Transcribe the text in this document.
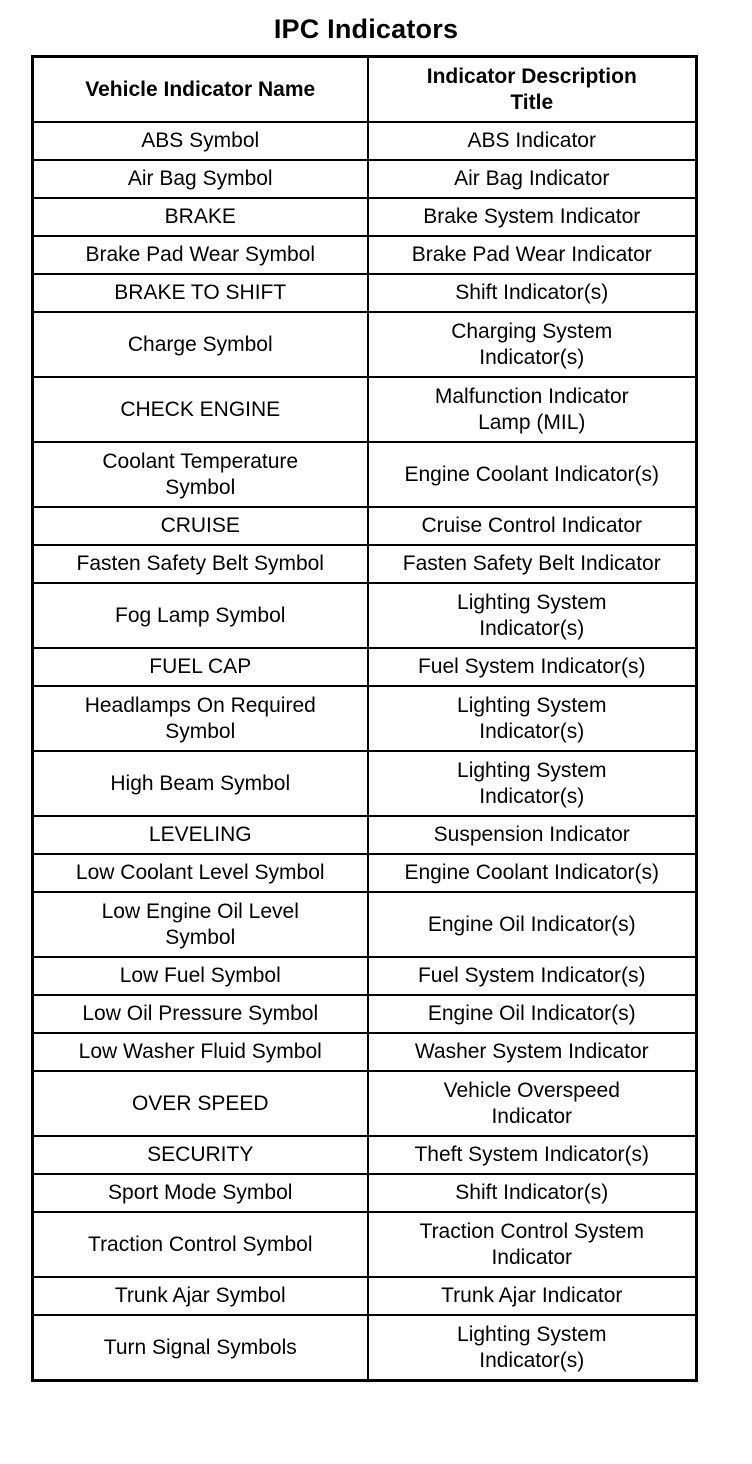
IPC Indicators
Vehicle Indicator Name	Indicator Description
Title
ABS Symbol	ABS Indicator
Air Bag Symbol	Air Bag Indicator
BRAKE	Brake System Indicator
Brake Pad Wear Symbol	Brake Pad Wear Indicator
BRAKE TO SHIFT	Shift Indicator(s)
Charge Symbol	Charging System
Indicator(s)
CHECK ENGINE	Malfunction Indicator
Lamp (MIL)
Coolant Temperature
Symbol	Engine Coolant Indicator(s)
CRUISE	Cruise Control Indicator
Fasten Safety Belt Symbol	Fasten Safety Belt Indicator
Fog Lamp Symbol	Lighting System
Indicator(s)
FUEL CAP	Fuel System Indicator(s)
Headlamps On Required
Symbol	Lighting System
Indicator(s)
High Beam Symbol	Lighting System
Indicator(s)
LEVELING	Suspension Indicator
Low Coolant Level Symbol	Engine Coolant Indicator(s)
Low Engine Oil Level
Symbol	Engine Oil Indicator(s)
Low Fuel Symbol	Fuel System Indicator(s)
Low Oil Pressure Symbol	Engine Oil Indicator(s)
Low Washer Fluid Symbol	Washer System Indicator
OVER SPEED	Vehicle Overspeed
Indicator
SECURITY	Theft System Indicator(s)
Sport Mode Symbol	Shift Indicator(s)
Traction Control Symbol	Traction Control System
Indicator
Trunk Ajar Symbol	Trunk Ajar Indicator
Turn Signal Symbols	Lighting System
Indicator(s)
